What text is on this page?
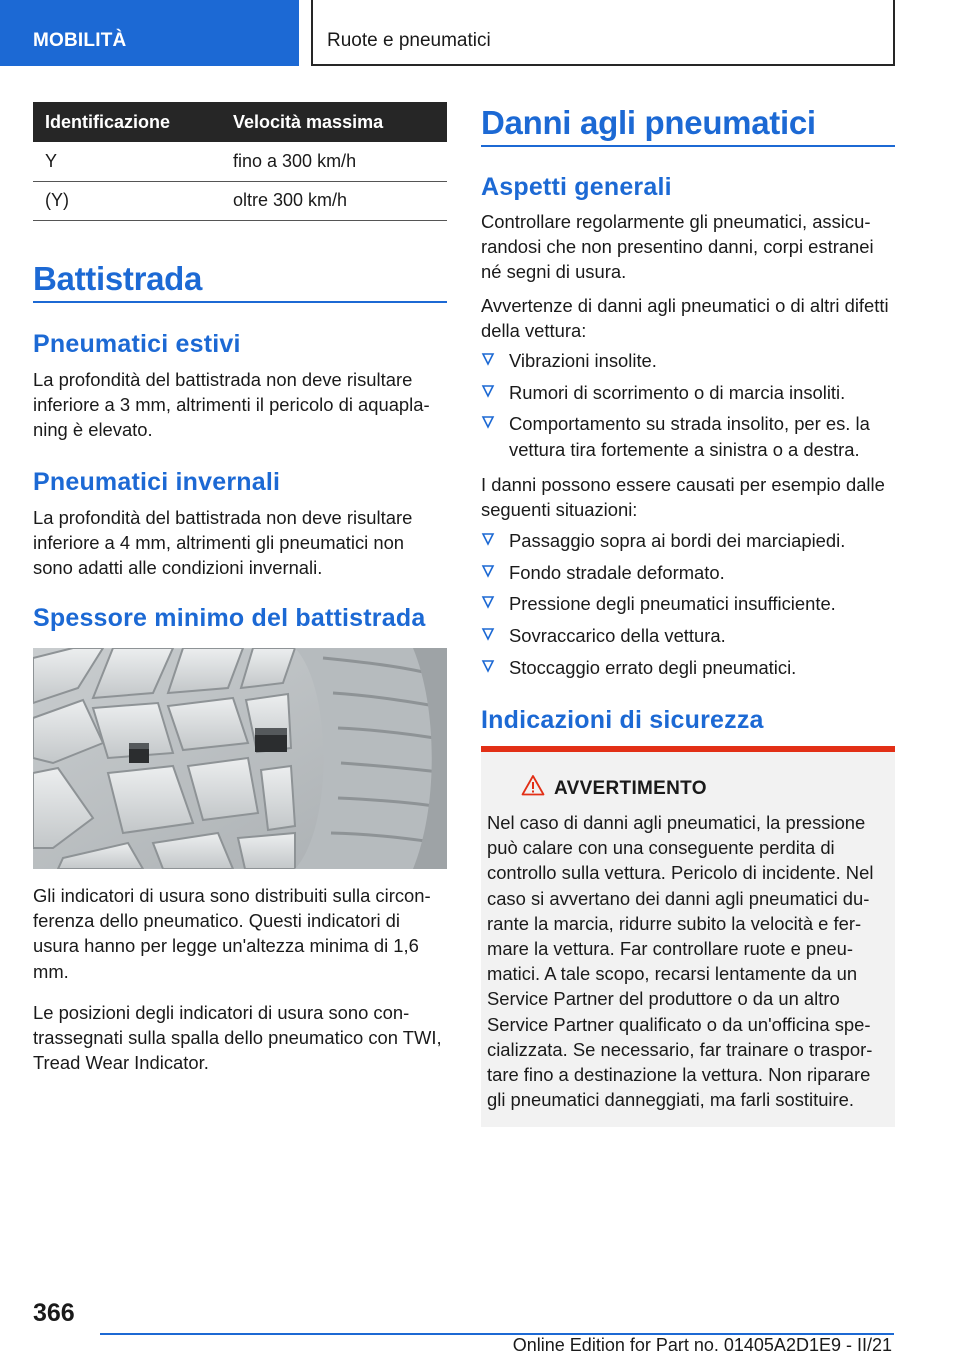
MOBILITÀ	Ruote e pneumatici
Identificazione	Velocità massima
Y	fino a 300 km/h
(Y)	oltre 300 km/h
Battistrada
Pneumatici estivi
La profondità del battistrada non deve risultare inferiore a 3 mm, altrimenti il pericolo di aquaplaning è elevato.
Pneumatici invernali
La profondità del battistrada non deve risultare inferiore a 4 mm, altrimenti gli pneumatici non sono adatti alle condizioni invernali.
Spessore minimo del battistrada
Gli indicatori di usura sono distribuiti sulla circonferenza dello pneumatico. Questi indicatori di usura hanno per legge un'altezza minima di 1,6 mm.
Le posizioni degli indicatori di usura sono contrassegnati sulla spalla dello pneumatico con TWI, Tread Wear Indicator.
Danni agli pneumatici
Aspetti generali
Controllare regolarmente gli pneumatici, assicurandosi che non presentino danni, corpi estranei né segni di usura.
Avvertenze di danni agli pneumatici o di altri difetti della vettura:
Vibrazioni insolite.
Rumori di scorrimento o di marcia insoliti.
Comportamento su strada insolito, per es. la vettura tira fortemente a sinistra o a destra.
I danni possono essere causati per esempio dalle seguenti situazioni:
Passaggio sopra ai bordi dei marciapiedi.
Fondo stradale deformato.
Pressione degli pneumatici insufficiente.
Sovraccarico della vettura.
Stoccaggio errato degli pneumatici.
Indicazioni di sicurezza
AVVERTIMENTO
Nel caso di danni agli pneumatici, la pressione può calare con una conseguente perdita di controllo sulla vettura. Pericolo di incidente. Nel caso si avvertano dei danni agli pneumatici durante la marcia, ridurre subito la velocità e fermare la vettura. Far controllare ruote e pneumatici. A tale scopo, recarsi lentamente da un Service Partner del produttore o da un altro Service Partner qualificato o da un'officina specializzata. Se necessario, far trainare o trasportare fino a destinazione la vettura. Non riparare gli pneumatici danneggiati, ma farli sostituire.
366
Online Edition for Part no. 01405A2D1E9 - II/21
